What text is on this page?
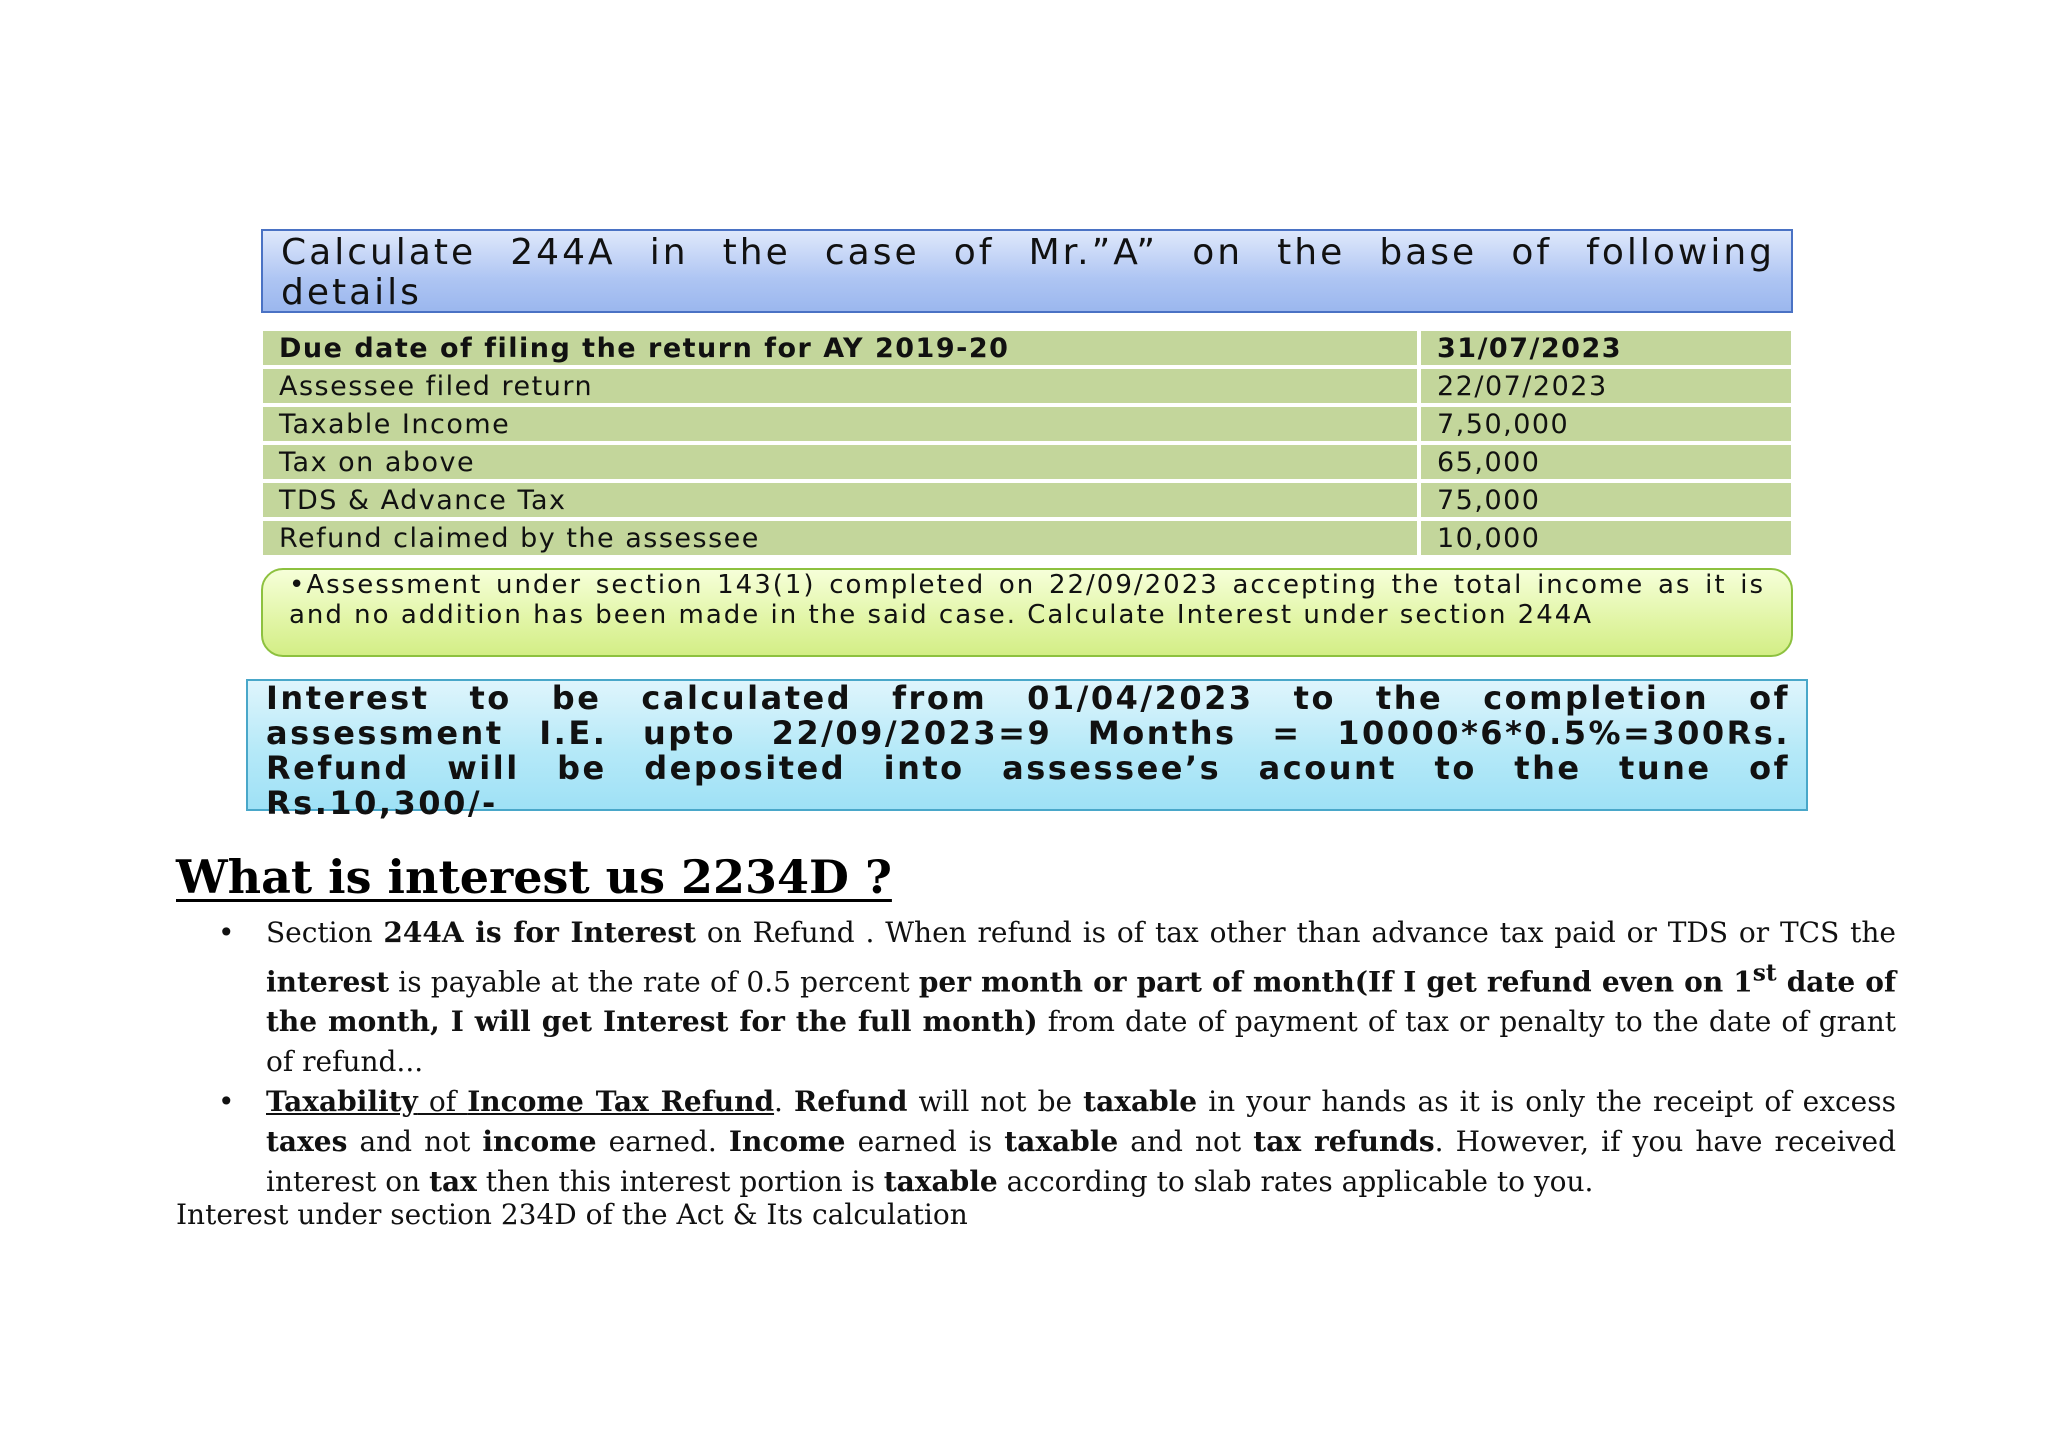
Calculate 244A in the case of Mr.”A” on the base of following details
Due date of filing the return for AY 2019-20	31/07/2023
Assessee filed return	22/07/2023
Taxable Income	7,50,000
Tax on above	65,000
TDS & Advance Tax	75,000
Refund claimed by the assessee	10,000
•Assessment under section 143(1) completed on 22/09/2023 accepting the total income as it is and no addition has been made in the said case. Calculate Interest under section 244A
Interest to be calculated from 01/04/2023 to the completion of assessment I.E. upto 22/09/2023=9 Months = 10000*6*0.5%=300Rs. Refund will be deposited into assessee’s acount to the tune of Rs.10,300/-
What is interest us 2234D ?
• Section 244A is for Interest on Refund . When refund is of tax other than advance tax paid or TDS or TCS the interest is payable at the rate of 0.5 percent per month or part of month(If I get refund even on 1st date of the month, I will get Interest for the full month) from date of payment of tax or penalty to the date of grant of refund...
• Taxability of Income Tax Refund. Refund will not be taxable in your hands as it is only the receipt of excess taxes and not income earned. Income earned is taxable and not tax refunds. However, if you have received interest on tax then this interest portion is taxable according to slab rates applicable to you.

Interest under section 234D of the Act & Its calculation
